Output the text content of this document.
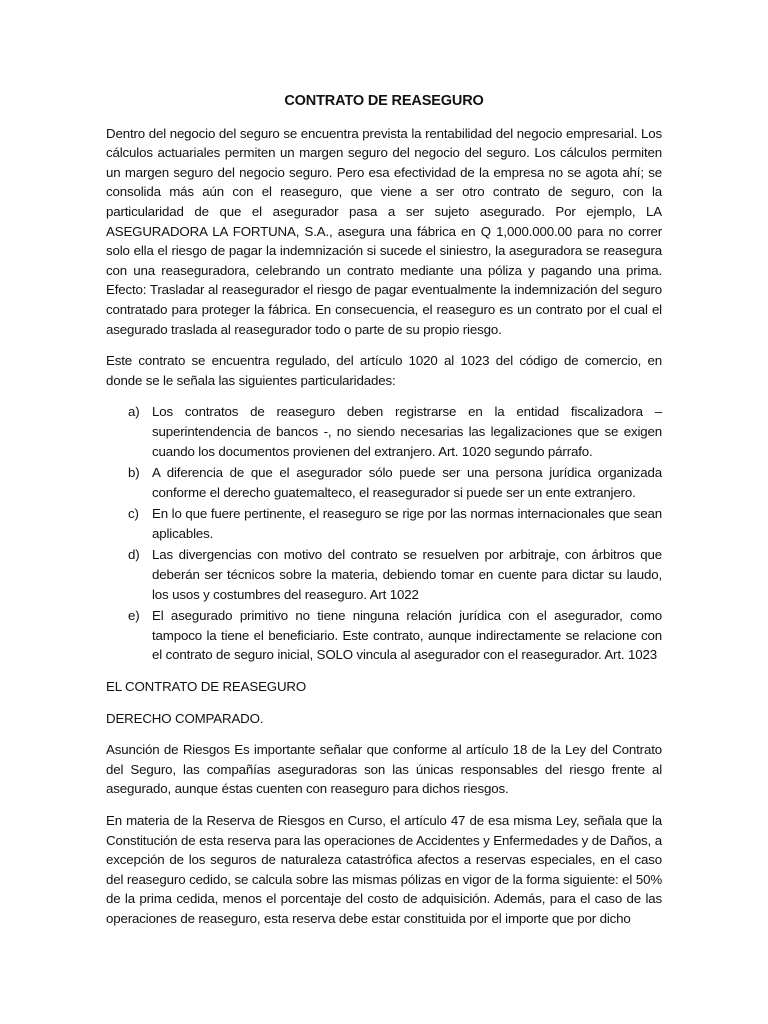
CONTRATO DE REASEGURO

Dentro del negocio del seguro se encuentra prevista la rentabilidad del negocio empresarial. Los cálculos actuariales permiten un margen seguro del negocio del seguro. Los cálculos permiten un margen seguro del negocio seguro. Pero esa efectividad de la empresa no se agota ahí; se consolida más aún con el reaseguro, que viene a ser otro contrato de seguro, con la particularidad de que el asegurador pasa a ser sujeto asegurado. Por ejemplo, LA ASEGURADORA LA FORTUNA, S.A., asegura una fábrica en Q 1,000.000.00 para no correr solo ella el riesgo de pagar la indemnización si sucede el siniestro, la aseguradora se reasegura con una reaseguradora, celebrando un contrato mediante una póliza y pagando una prima. Efecto: Trasladar al reasegurador el riesgo de pagar eventualmente la indemnización del seguro contratado para proteger la fábrica. En consecuencia, el reaseguro es un contrato por el cual el asegurado traslada al reasegurador todo o parte de su propio riesgo.

Este contrato se encuentra regulado, del artículo 1020 al 1023 del código de comercio, en donde se le señala las siguientes particularidades:

a) Los contratos de reaseguro deben registrarse en la entidad fiscalizadora – superintendencia de bancos -, no siendo necesarias las legalizaciones que se exigen cuando los documentos provienen del extranjero. Art. 1020 segundo párrafo.
b) A diferencia de que el asegurador sólo puede ser una persona jurídica organizada conforme el derecho guatemalteco, el reasegurador si puede ser un ente extranjero.
c) En lo que fuere pertinente, el reaseguro se rige por las normas internacionales que sean aplicables.
d) Las divergencias con motivo del contrato se resuelven por arbitraje, con árbitros que deberán ser técnicos sobre la materia, debiendo tomar en cuente para dictar su laudo, los usos y costumbres del reaseguro. Art 1022
e) El asegurado primitivo no tiene ninguna relación jurídica con el asegurador, como tampoco la tiene el beneficiario. Este contrato, aunque indirectamente se relacione con el contrato de seguro inicial, SOLO vincula al asegurador con el reasegurador. Art. 1023
EL CONTRATO DE REASEGURO
DERECHO COMPARADO.

Asunción de Riesgos Es importante señalar que conforme al artículo 18 de la Ley del Contrato del Seguro, las compañías aseguradoras son las únicas responsables del riesgo frente al asegurado, aunque éstas cuenten con reaseguro para dichos riesgos.

En materia de la Reserva de Riesgos en Curso, el artículo 47 de esa misma Ley, señala que la Constitución de esta reserva para las operaciones de Accidentes y Enfermedades y de Daños, a excepción de los seguros de naturaleza catastrófica afectos a reservas especiales, en el caso del reaseguro cedido, se calcula sobre las mismas pólizas en vigor de la forma siguiente: el 50% de la prima cedida, menos el porcentaje del costo de adquisición. Además, para el caso de las operaciones de reaseguro, esta reserva debe estar constituida por el importe que por dicho
